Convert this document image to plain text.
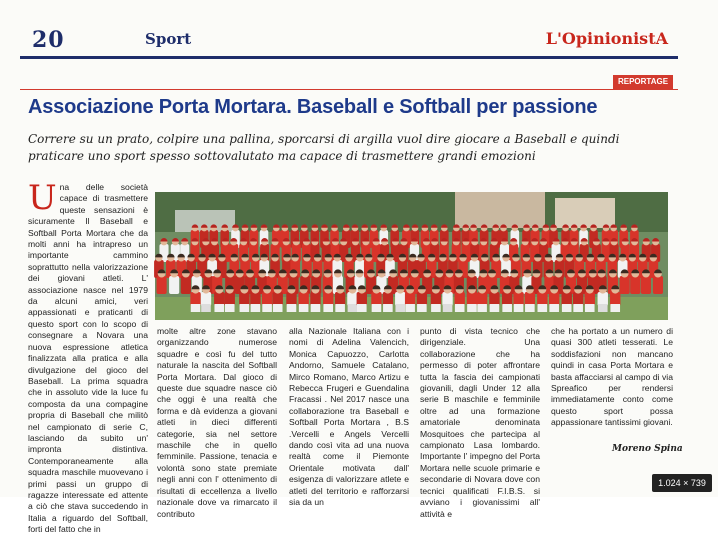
20	Sport	L'OpinionistA
REPORTAGE
Associazione Porta Mortara. Baseball e Softball per passione
Correre su un prato, colpire una pallina, sporcarsi di argilla vuol dire giocare a Baseball e quindi praticare uno sport spesso sottovalutato ma capace di trasmettere grandi emozioni
U na delle società capace di trasmettere queste sensazioni è sicuramente Il Baseball e Softball Porta Mortara che da molti anni ha intrapreso un importante cammino soprattutto nella valorizzazione dei giovani atleti. L' associazione nasce nel 1979 da alcuni amici, veri appassionati e praticanti di questo sport con lo scopo di consegnare a Novara una nuova espressione atletica finalizzata alla pratica e alla divulgazione del gioco del Baseball. La prima squadra che in assoluto vide la luce fu composta da una compagine propria di Baseball che militò nel campionato di serie C, lasciando da subito un' impronta distintiva. Contemporaneamente alla squadra maschile muovevano i primi passi un gruppo di ragazze interessate ed attente a ciò che stava succedendo in Italia a riguardo del Softball, forti del fatto che in

molte altre zone stavano organizzando numerose squadre e così fu del tutto naturale la nascita del Softball Porta Mortara. Dal gioco di queste due squadre nasce ciò che oggi è una realtà che forma e dà evidenza a giovani atleti in dieci differenti categorie, sia nel settore maschile che in quello femminile. Passione, tenacia e volontà sono state premiate negli anni con l' ottenimento di risultati di eccellenza a livello nazionale dove va rimarcato il contributo

alla Nazionale Italiana con i nomi di Adelina Valencich, Monica Capuozzo, Carlotta Andorno, Samuele Catalano, Mirco Romano, Marco Artizu e Rebecca Frugeri e Guendalina Fracassi . Nel 2017 nasce una collaborazione tra Baseball e Softball Porta Mortara , B.S .Vercelli e Angels Vercelli dando così vita ad una nuova realtà come il Piemonte Orientale motivata dall' esigenza di valorizzare atlete e atleti del territorio e rafforzarsi sia da un

punto di vista tecnico che dirigenziale. Una collaborazione che ha permesso di poter affrontare tutta la fascia dei campionati giovanili, dagli Under 12 alla serie B maschile e femminile oltre ad una formazione amatoriale denominata Mosquitoes che partecipa al campionato Lasa lombardo. Importante l' impegno del Porta Mortara nelle scuole primarie e secondarie di Novara dove con tecnici qualificati F.I.B.S. si avviano i giovanissimi all' attività e

che ha portato a un numero di quasi 300 atleti tesserati. Le soddisfazioni non mancano quindi in casa Porta Mortara e basta affacciarsi al campo di via Spreafico per rendersi immediatamente conto come questo sport possa appassionare tantissimi giovani.

Moreno Spina
1.024 × 739
